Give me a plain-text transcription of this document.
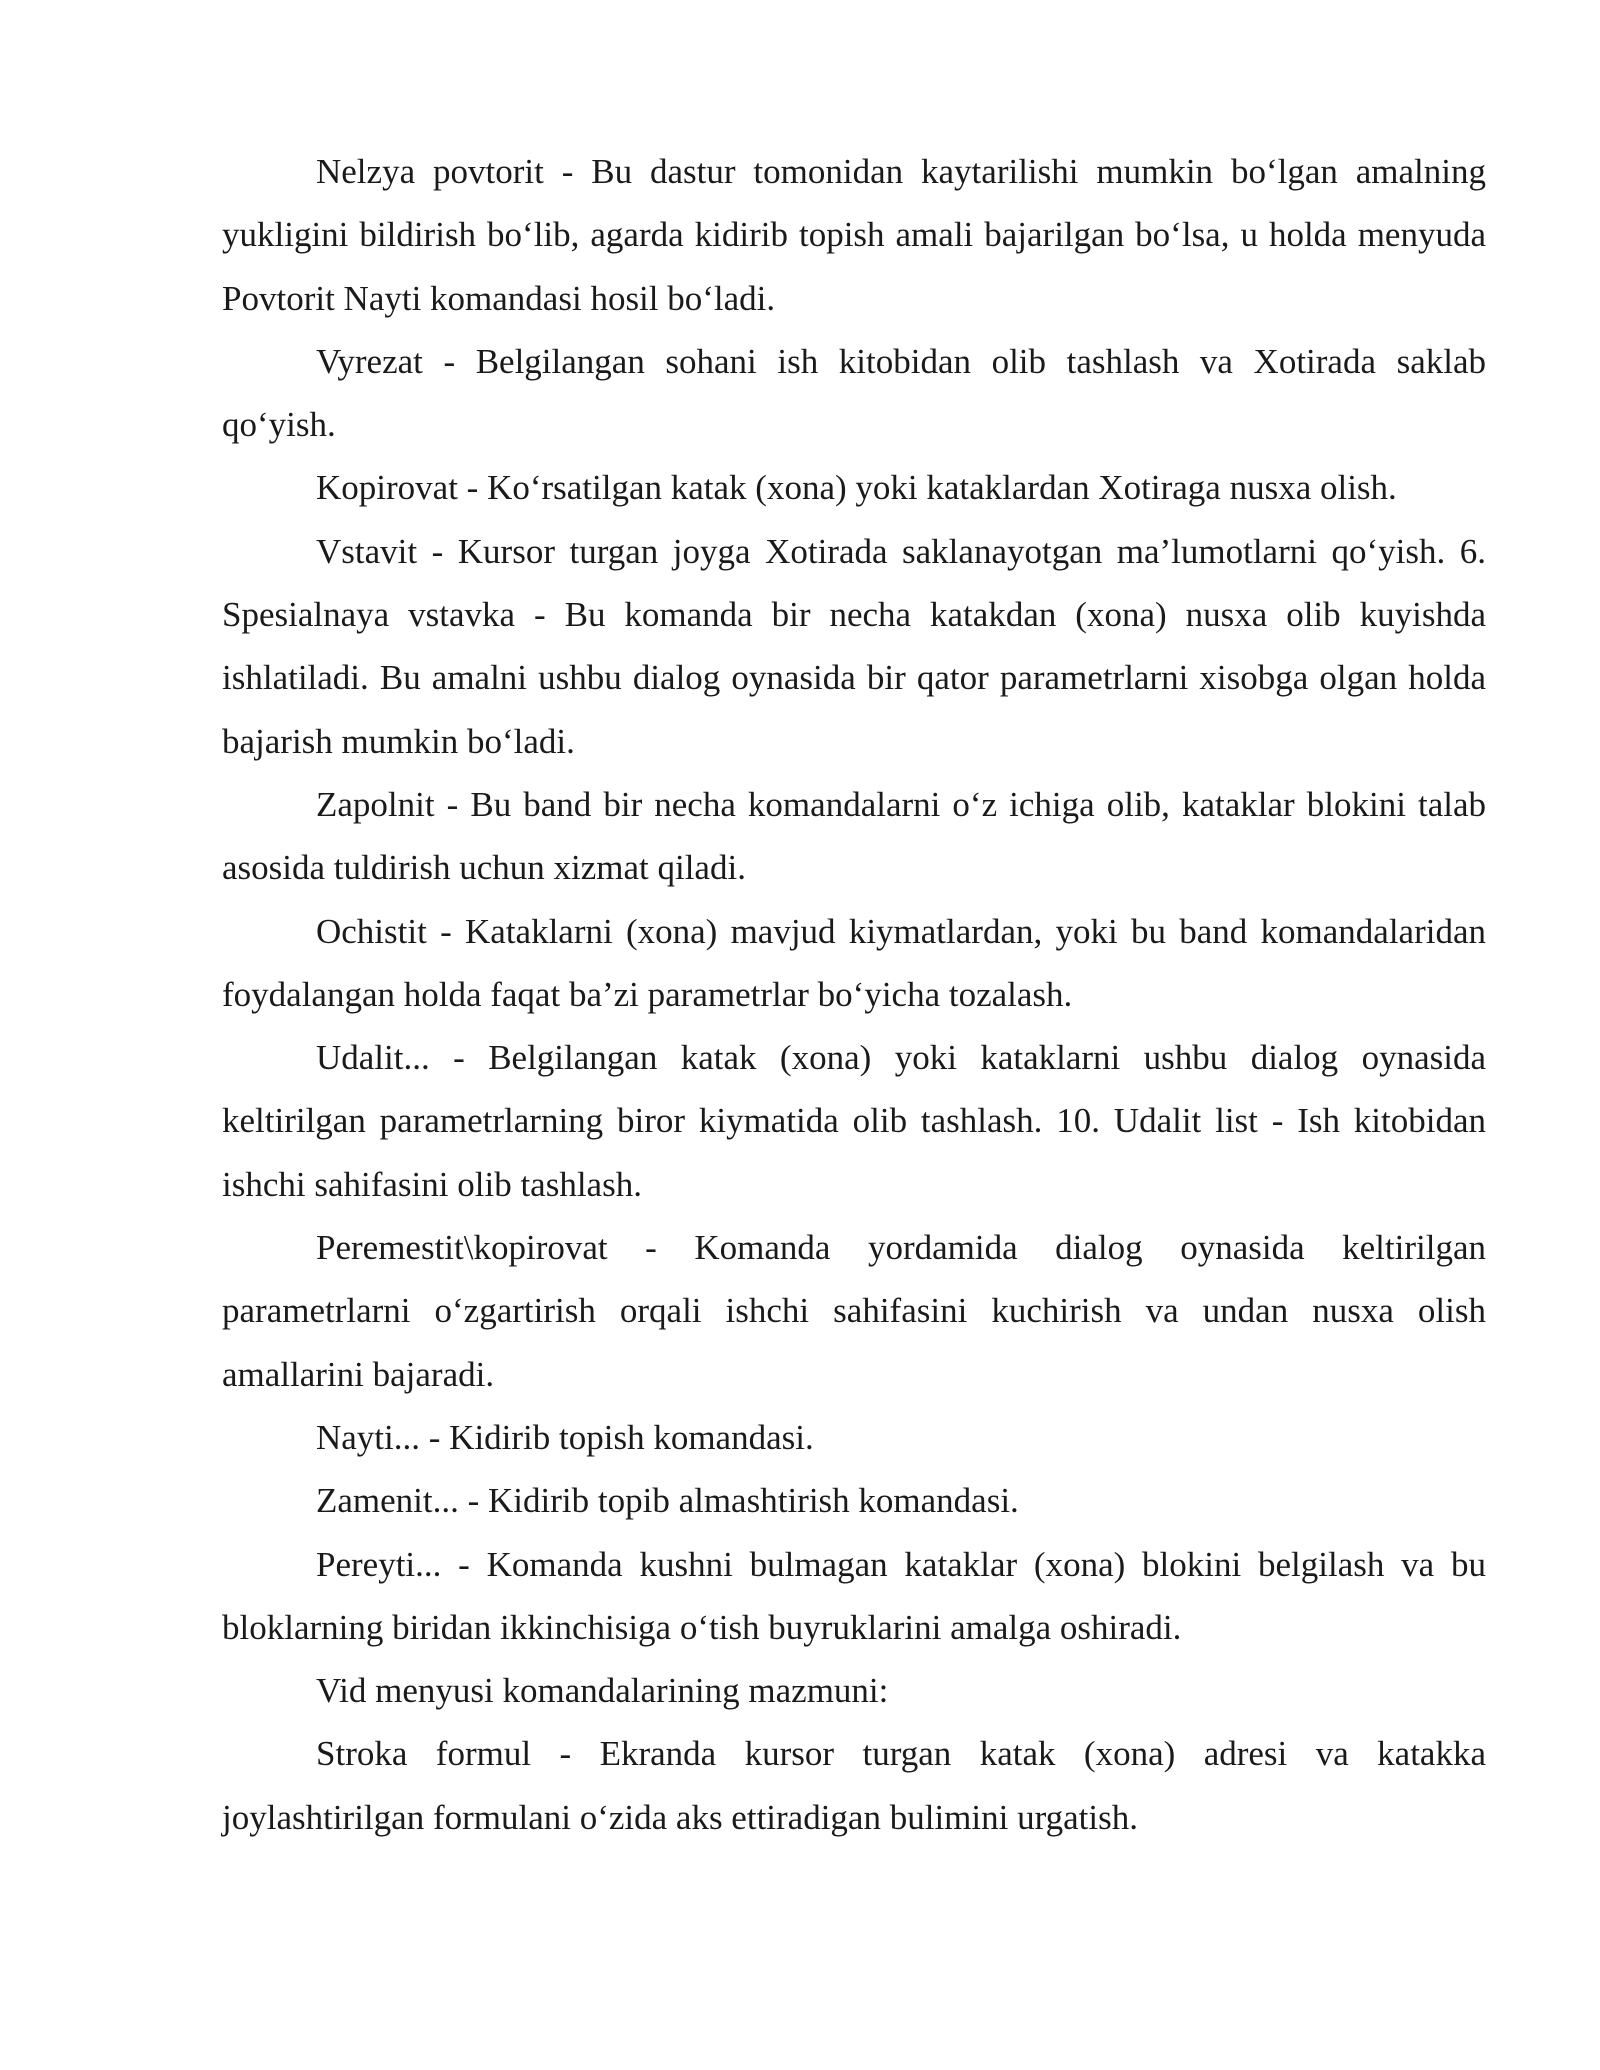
Nelzya povtorit - Bu dastur tomonidan kaytarilishi mumkin boʻlgan amalning yukligini bildirish boʻlib, agarda kidirib topish amali bajarilgan boʻlsa, u holda menyuda Povtorit Nayti komandasi hosil boʻladi.

Vyrezat - Belgilangan sohani ish kitobidan olib tashlash va Xotirada saklab qoʻyish.

Kopirovat - Koʻrsatilgan katak (xona) yoki kataklardan Xotiraga nusxa olish.

Vstavit - Kursor turgan joyga Xotirada saklanayotgan ma’lumotlarni qoʻyish. 6. Spesialnaya vstavka - Bu komanda bir necha katakdan (xona) nusxa olib kuyishda ishlatiladi. Bu amalni ushbu dialog oynasida bir qator parametrlarni xisobga olgan holda bajarish mumkin boʻladi.

Zapolnit - Bu band bir necha komandalarni oʻz ichiga olib, kataklar blokini talab asosida tuldirish uchun xizmat qiladi.

Ochistit - Kataklarni (xona) mavjud kiymatlardan, yoki bu band komandalaridan foydalangan holda faqat ba’zi parametrlar boʻyicha tozalash.

Udalit... - Belgilangan katak (xona) yoki kataklarni ushbu dialog oynasida keltirilgan parametrlarning biror kiymatida olib tashlash. 10. Udalit list - Ish kitobidan ishchi sahifasini olib tashlash.

Peremestit\kopirovat - Komanda yordamida dialog oynasida keltirilgan parametrlarni oʻzgartirish orqali ishchi sahifasini kuchirish va undan nusxa olish amallarini bajaradi.

Nayti... - Kidirib topish komandasi.

Zamenit... - Kidirib topib almashtirish komandasi.

Pereyti... - Komanda kushni bulmagan kataklar (xona) blokini belgilash va bu bloklarning biridan ikkinchisiga oʻtish buyruklarini amalga oshiradi.

Vid menyusi komandalarining mazmuni:

Stroka formul - Ekranda kursor turgan katak (xona) adresi va katakka joylashtirilgan formulani oʻzida aks ettiradigan bulimini urgatish.
